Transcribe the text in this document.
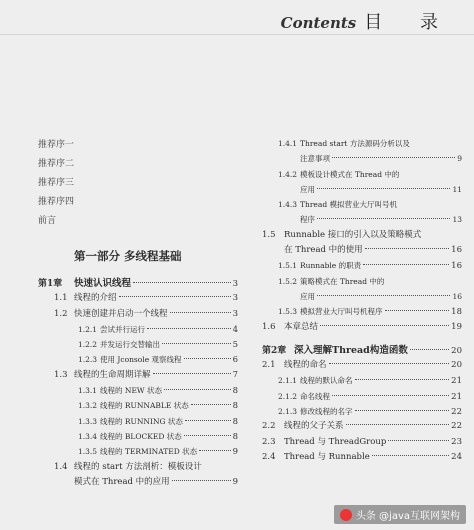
Contents 目 录
推荐序一
推荐序二
推荐序三
推荐序四
前言
第一部分 多线程基础
第1章	快速认识线程	3
1.1 线程的介绍	3
1.2 快速创建并启动一个线程	3
1.2.1 尝试并行运行	4
1.2.2 并发运行交替输出	5
1.2.3 使用 Jconsole 观察线程	6
1.3 线程的生命周期详解	7
1.3.1 线程的 NEW 状态	8
1.3.2 线程的 RUNNABLE 状态	8
1.3.3 线程的 RUNNING 状态	8
1.3.4 线程的 BLOCKED 状态	8
1.3.5 线程的 TERMINATED 状态	9
1.4 线程的 start 方法剖析：模板设计
模式在 Thread 中的应用	9
1.4.1 Thread start 方法源码分析以及
注意事项	9
1.4.2 模板设计模式在 Thread 中的
应用	11
1.4.3 Thread 模拟营业大厅叫号机
程序	13
1.5 Runnable 接口的引入以及策略模式
在 Thread 中的使用	16
1.5.1 Runnable 的职责	16
1.5.2 策略模式在 Thread 中的
应用	16
1.5.3 模拟营业大厅叫号机程序	18
1.6 本章总结	19
第2章 深入理解Thread构造函数	20
2.1 线程的命名	20
2.1.1 线程的默认命名	21
2.1.2 命名线程	21
2.1.3 修改线程的名字	22
2.2 线程的父子关系	22
2.3 Thread 与 ThreadGroup	23
2.4 Thread 与 Runnable	24
头条 @java互联网架构
